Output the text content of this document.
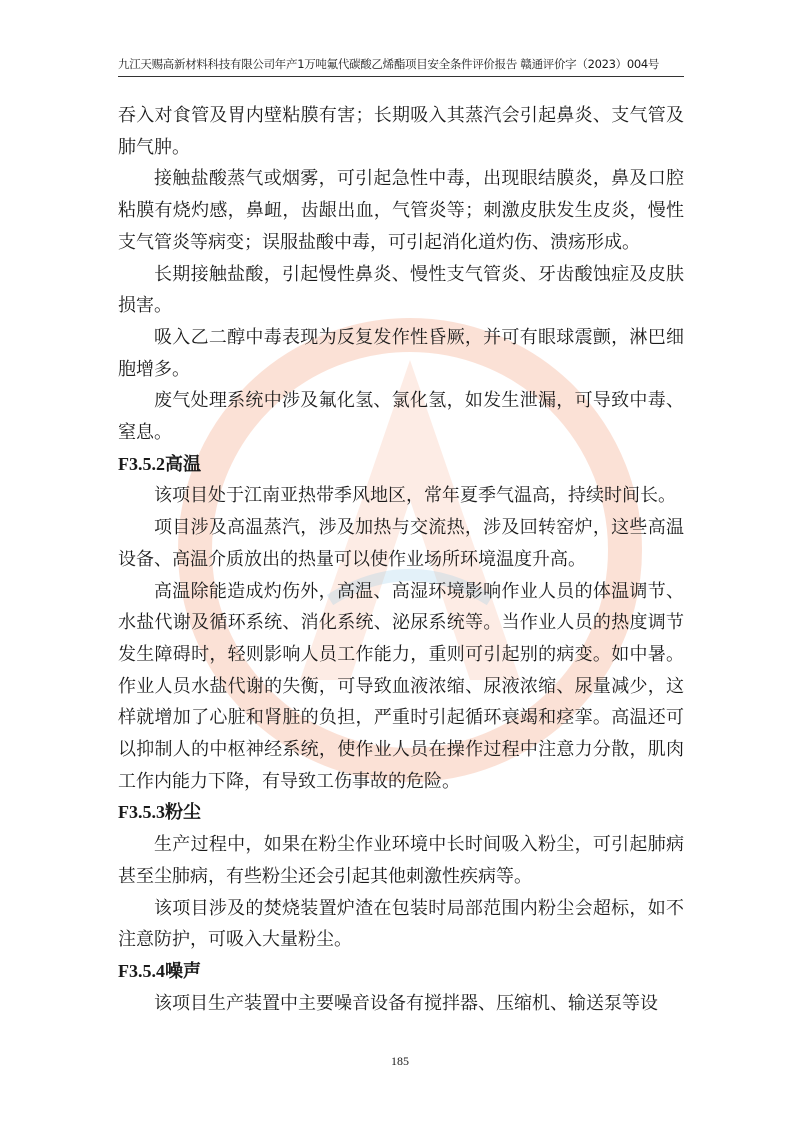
九江天赐高新材料科技有限公司年产1万吨氟代碳酸乙烯酯项目安全条件评价报告 赣通评价字（2023）004号

吞入对食管及胃内壁粘膜有害；长期吸入其蒸汽会引起鼻炎、支气管及肺气肿。

接触盐酸蒸气或烟雾，可引起急性中毒，出现眼结膜炎，鼻及口腔粘膜有烧灼感，鼻衄，齿龈出血，气管炎等；刺激皮肤发生皮炎，慢性支气管炎等病变；误服盐酸中毒，可引起消化道灼伤、溃疡形成。

长期接触盐酸，引起慢性鼻炎、慢性支气管炎、牙齿酸蚀症及皮肤损害。

吸入乙二醇中毒表现为反复发作性昏厥，并可有眼球震颤，淋巴细胞增多。

废气处理系统中涉及氟化氢、氯化氢，如发生泄漏，可导致中毒、窒息。

F3.5.2高温

该项目处于江南亚热带季风地区，常年夏季气温高，持续时间长。

项目涉及高温蒸汽，涉及加热与交流热，涉及回转窑炉，这些高温设备、高温介质放出的热量可以使作业场所环境温度升高。

高温除能造成灼伤外，高温、高湿环境影响作业人员的体温调节、水盐代谢及循环系统、消化系统、泌尿系统等。当作业人员的热度调节发生障碍时，轻则影响人员工作能力，重则可引起别的病变。如中暑。作业人员水盐代谢的失衡，可导致血液浓缩、尿液浓缩、尿量减少，这样就增加了心脏和肾脏的负担，严重时引起循环衰竭和痉挛。高温还可以抑制人的中枢神经系统，使作业人员在操作过程中注意力分散，肌肉工作内能力下降，有导致工伤事故的危险。

F3.5.3粉尘

生产过程中，如果在粉尘作业环境中长时间吸入粉尘，可引起肺病甚至尘肺病，有些粉尘还会引起其他刺激性疾病等。

该项目涉及的焚烧装置炉渣在包装时局部范围内粉尘会超标，如不注意防护，可吸入大量粉尘。

F3.5.4噪声

该项目生产装置中主要噪音设备有搅拌器、压缩机、输送泵等设

185
